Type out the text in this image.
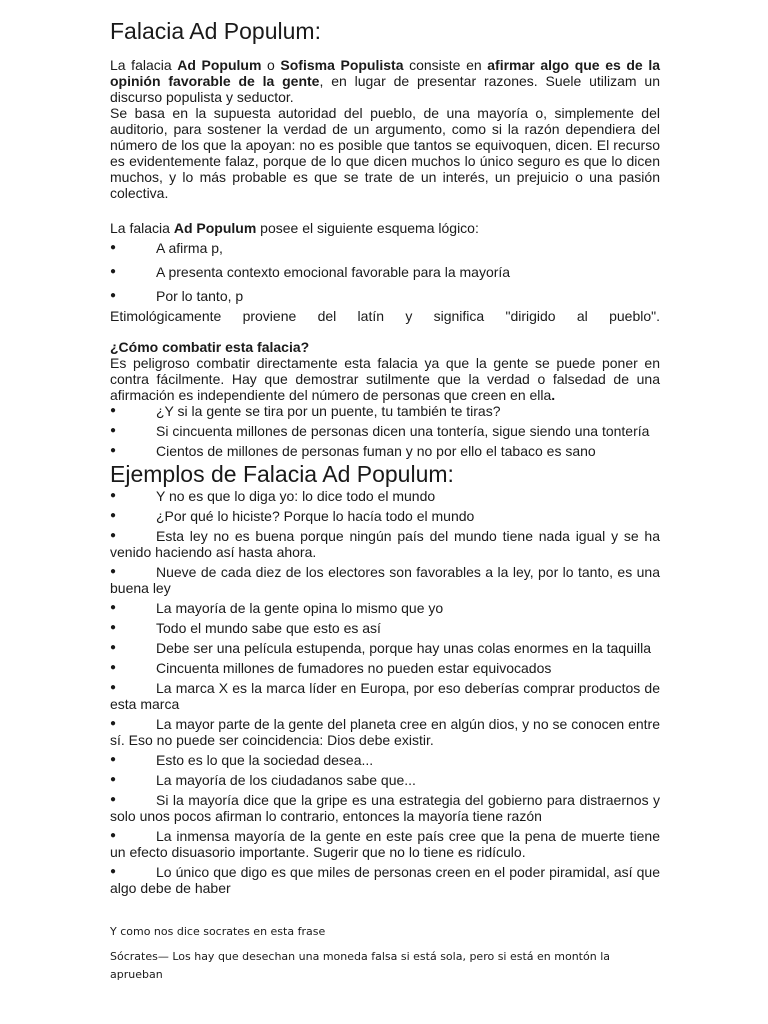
Falacia Ad Populum:

La falacia Ad Populum o Sofisma Populista consiste en afirmar algo que es de la opinión favorable de la gente, en lugar de presentar razones. Suele utilizam un discurso populista y seductor.

Se basa en la supuesta autoridad del pueblo, de una mayoría o, simplemente del auditorio, para sostener la verdad de un argumento, como si la razón dependiera del número de los que la apoyan: no es posible que tantos se equivoquen, dicen. El recurso es evidentemente falaz, porque de lo que dicen muchos lo único seguro es que lo dicen muchos, y lo más probable es que se trate de un interés, un prejuicio o una pasión colectiva.

La falacia Ad Populum posee el siguiente esquema lógico:

●	A afirma p,
●	A presenta contexto emocional favorable para la mayoría
●	Por lo tanto, p

Etimológicamente proviene del latín y significa "dirigido al pueblo".

¿Cómo combatir esta falacia?

Es peligroso combatir directamente esta falacia ya que la gente se puede poner en contra fácilmente. Hay que demostrar sutilmente que la verdad o falsedad de una afirmación es independiente del número de personas que creen en ella.

●	¿Y si la gente se tira por un puente, tu también te tiras?
●	Si cincuenta millones de personas dicen una tontería, sigue siendo una tontería
●	Cientos de millones de personas fuman y no por ello el tabaco es sano
Ejemplos de Falacia Ad Populum:
●	Y no es que lo diga yo: lo dice todo el mundo
●	¿Por qué lo hiciste? Porque lo hacía todo el mundo
●	Esta ley no es buena porque ningún país del mundo tiene nada igual y se ha venido haciendo así hasta ahora.
●	Nueve de cada diez de los electores son favorables a la ley, por lo tanto, es una buena ley
●	La mayoría de la gente opina lo mismo que yo
●	Todo el mundo sabe que esto es así
●	Debe ser una película estupenda, porque hay unas colas enormes en la taquilla
●	Cincuenta millones de fumadores no pueden estar equivocados
●	La marca X es la marca líder en Europa, por eso deberías comprar productos de esta marca
●	La mayor parte de la gente del planeta cree en algún dios, y no se conocen entre sí. Eso no puede ser coincidencia: Dios debe existir.
●	Esto es lo que la sociedad desea...
●	La mayoría de los ciudadanos sabe que...
●	Si la mayoría dice que la gripe es una estrategia del gobierno para distraernos y solo unos pocos afirman lo contrario, entonces la mayoría tiene razón
●	La inmensa mayoría de la gente en este país cree que la pena de muerte tiene un efecto disuasorio importante. Sugerir que no lo tiene es ridículo.
●	Lo único que digo es que miles de personas creen en el poder piramidal, así que algo debe de haber

Y como nos dice socrates en esta frase

Sócrates— Los hay que desechan una moneda falsa si está sola, pero si está en montón la aprueban
